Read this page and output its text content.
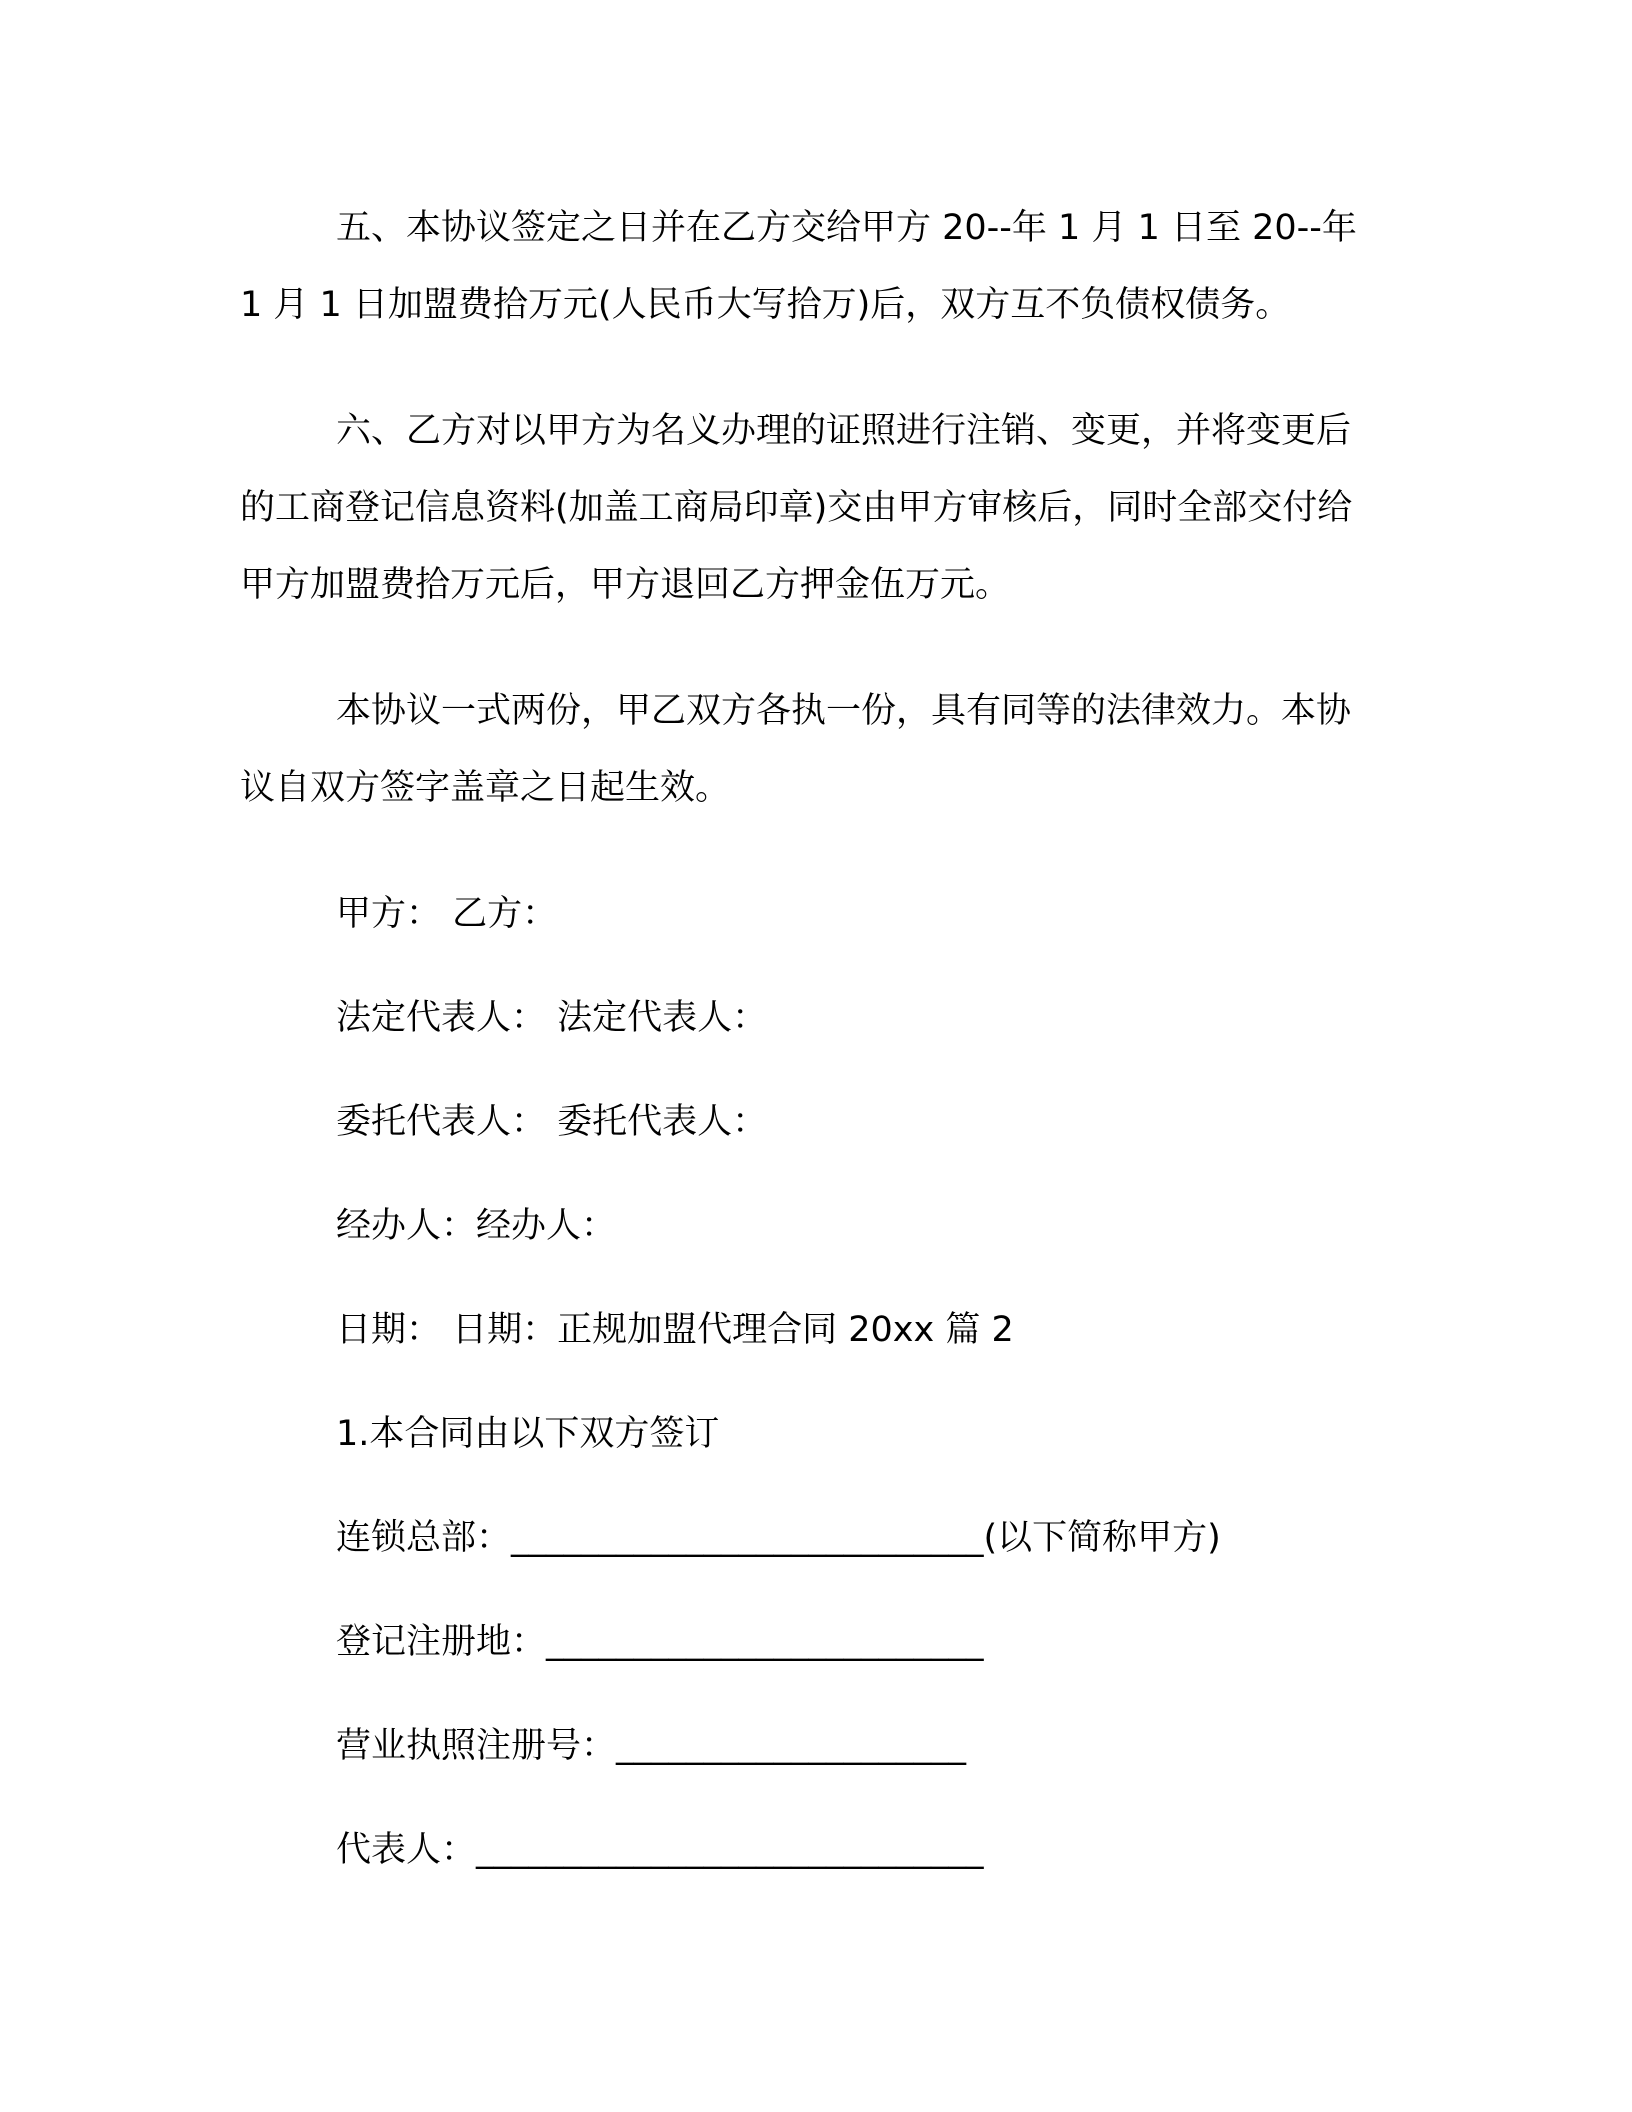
五、本协议签定之日并在乙方交给甲方 20--年 1 月 1 日至 20--年 1 月 1 日加盟费拾万元(人民币大写拾万)后，双方互不负债权债务。

六、乙方对以甲方为名义办理的证照进行注销、变更，并将变更后的工商登记信息资料(加盖工商局印章)交由甲方审核后，同时全部交付给甲方加盟费拾万元后，甲方退回乙方押金伍万元。

本协议一式两份，甲乙双方各执一份，具有同等的法律效力。本协议自双方签字盖章之日起生效。

甲方： 乙方：
法定代表人： 法定代表人：
委托代表人： 委托代表人：
经办人：经办人：
日期： 日期：正规加盟代理合同 20xx 篇 2
1.本合同由以下双方签订
连锁总部：___________________________(以下简称甲方)
登记注册地：_________________________
营业执照注册号：____________________
代表人：_____________________________
